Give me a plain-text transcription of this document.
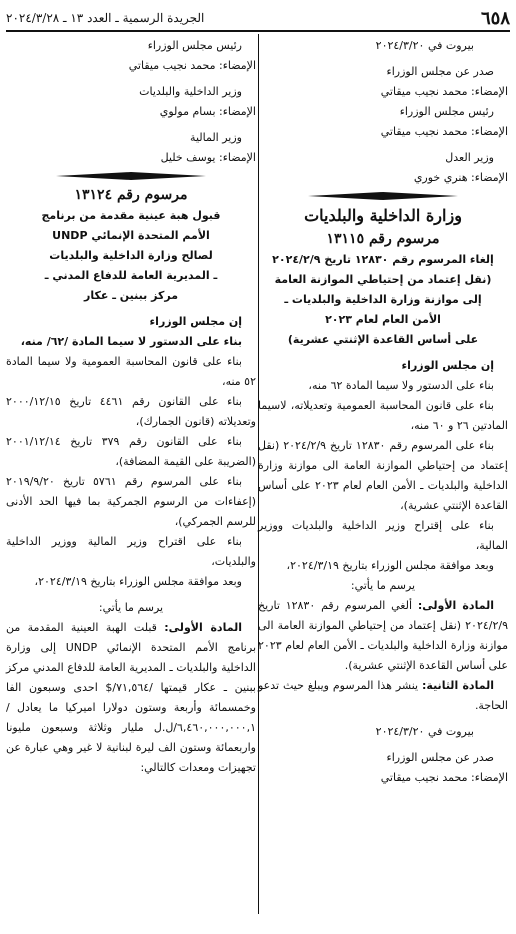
٦٥٨
الجريدة الرسمية ـ العدد ١٣ ـ ٢٠٢٤/٣/٢٨
بيروت في ٢٠٢٤/٣/٢٠
صدر عن مجلس الوزراء
الإمضاء: محمد نجيب ميقاتي
رئيس مجلس الوزراء
الإمضاء: محمد نجيب ميقاتي
وزير العدل
الإمضاء: هنري خوري
وزارة الداخلية والبلديات
مرسوم رقم ١٣١١٥
إلغاء المرسوم رقم ١٢٨٣٠ تاريخ ٢٠٢٤/٢/٩
(نقل إعتماد من إحتياطي الموازنة العامة
إلى موازنة وزارة الداخلية والبلديات ـ
الأمن العام لعام ٢٠٢٣
على أساس القاعدة الإثنتي عشرية)
إن مجلس الوزراء

بناء على الدستور ولا سيما المادة ٦٢ منه،

بناء على قانون المحاسبة العمومية وتعديلاته، لاسيما المادتين ٢٦ و ٦٠ منه،

بناء على المرسوم رقم ١٢٨٣٠ تاريخ ٢٠٢٤/٢/٩ (نقل إعتماد من إحتياطي الموازنة العامة الى موازنة وزارة الداخلية والبلديات ـ الأمن العام لعام ٢٠٢٣ على أساس القاعدة الإثنتي عشرية)،

بناء على إقتراح وزير الداخلية والبلديات ووزير المالية،

وبعد موافقة مجلس الوزراء بتاريخ ٢٠٢٤/٣/١٩،

يرسم ما يأتي:

المادة الأولى: ألغي المرسوم رقم ١٢٨٣٠ تاريخ ٢٠٢٤/٢/٩ (نقل إعتماد من إحتياطي الموازنة العامة الى موازنة وزارة الداخلية والبلديات ـ الأمن العام لعام ٢٠٢٣ على أساس القاعدة الإثنتي عشرية).

المادة الثانية: ينشر هذا المرسوم ويبلغ حيث تدعو الحاجة.

بيروت في ٢٠٢٤/٣/٢٠
صدر عن مجلس الوزراء
الإمضاء: محمد نجيب ميقاتي
رئيس مجلس الوزراء
الإمضاء: محمد نجيب ميقاتي
وزير الداخلية والبلديات
الإمضاء: بسام مولوي
وزير المالية
الإمضاء: يوسف خليل
مرسوم رقم ١٣١٢٤
قبول هبة عينية مقدمة من برنامج
الأمم المتحدة الإنمائي UNDP
لصالح وزارة الداخلية والبلديات
ـ المديرية العامة للدفاع المدني ـ
مركز ببنين ـ عكار
إن مجلس الوزراء

بناء على الدستور لا سيما المادة /٦٢/ منه،

بناء على قانون المحاسبة العمومية ولا سيما المادة ٥٢ منه،

بناء على القانون رقم ٤٤٦١ تاريخ ٢٠٠٠/١٢/١٥ وتعديلاته (قانون الجمارك)،

بناء على القانون رقم ٣٧٩ تاريخ ٢٠٠١/١٢/١٤ (الضريبة على القيمة المضافة)،

بناء على المرسوم رقم ٥٧٦١ تاريخ ٢٠١٩/٩/٢٠ (إعفاءات من الرسوم الجمركية بما فيها الحد الأدنى للرسم الجمركي)،

بناء على اقتراح وزير المالية ووزير الداخلية والبلديات،

وبعد موافقة مجلس الوزراء بتاريخ ٢٠٢٤/٣/١٩،

يرسم ما يأتي:

المادة الأولى: قبلت الهبة العينية المقدمة من برنامج الأمم المتحدة الإنمائي UNDP إلى وزارة الداخلية والبلديات ـ المديرية العامة للدفاع المدني مركز ببنين ـ عكار قيمتها /٧١,٥٦٤/$ احدى وسبعون الفا وخمسمائة وأربعة وستون دولارا اميركيا ما يعادل /٦,٤٦٠,٠٠٠,٠٠٠,١/ل.ل مليار وثلاثة وسبعون مليونا واربعمائة وستون الف ليرة لبنانية لا غير وهي عبارة عن تجهيزات ومعدات كالتالي:
